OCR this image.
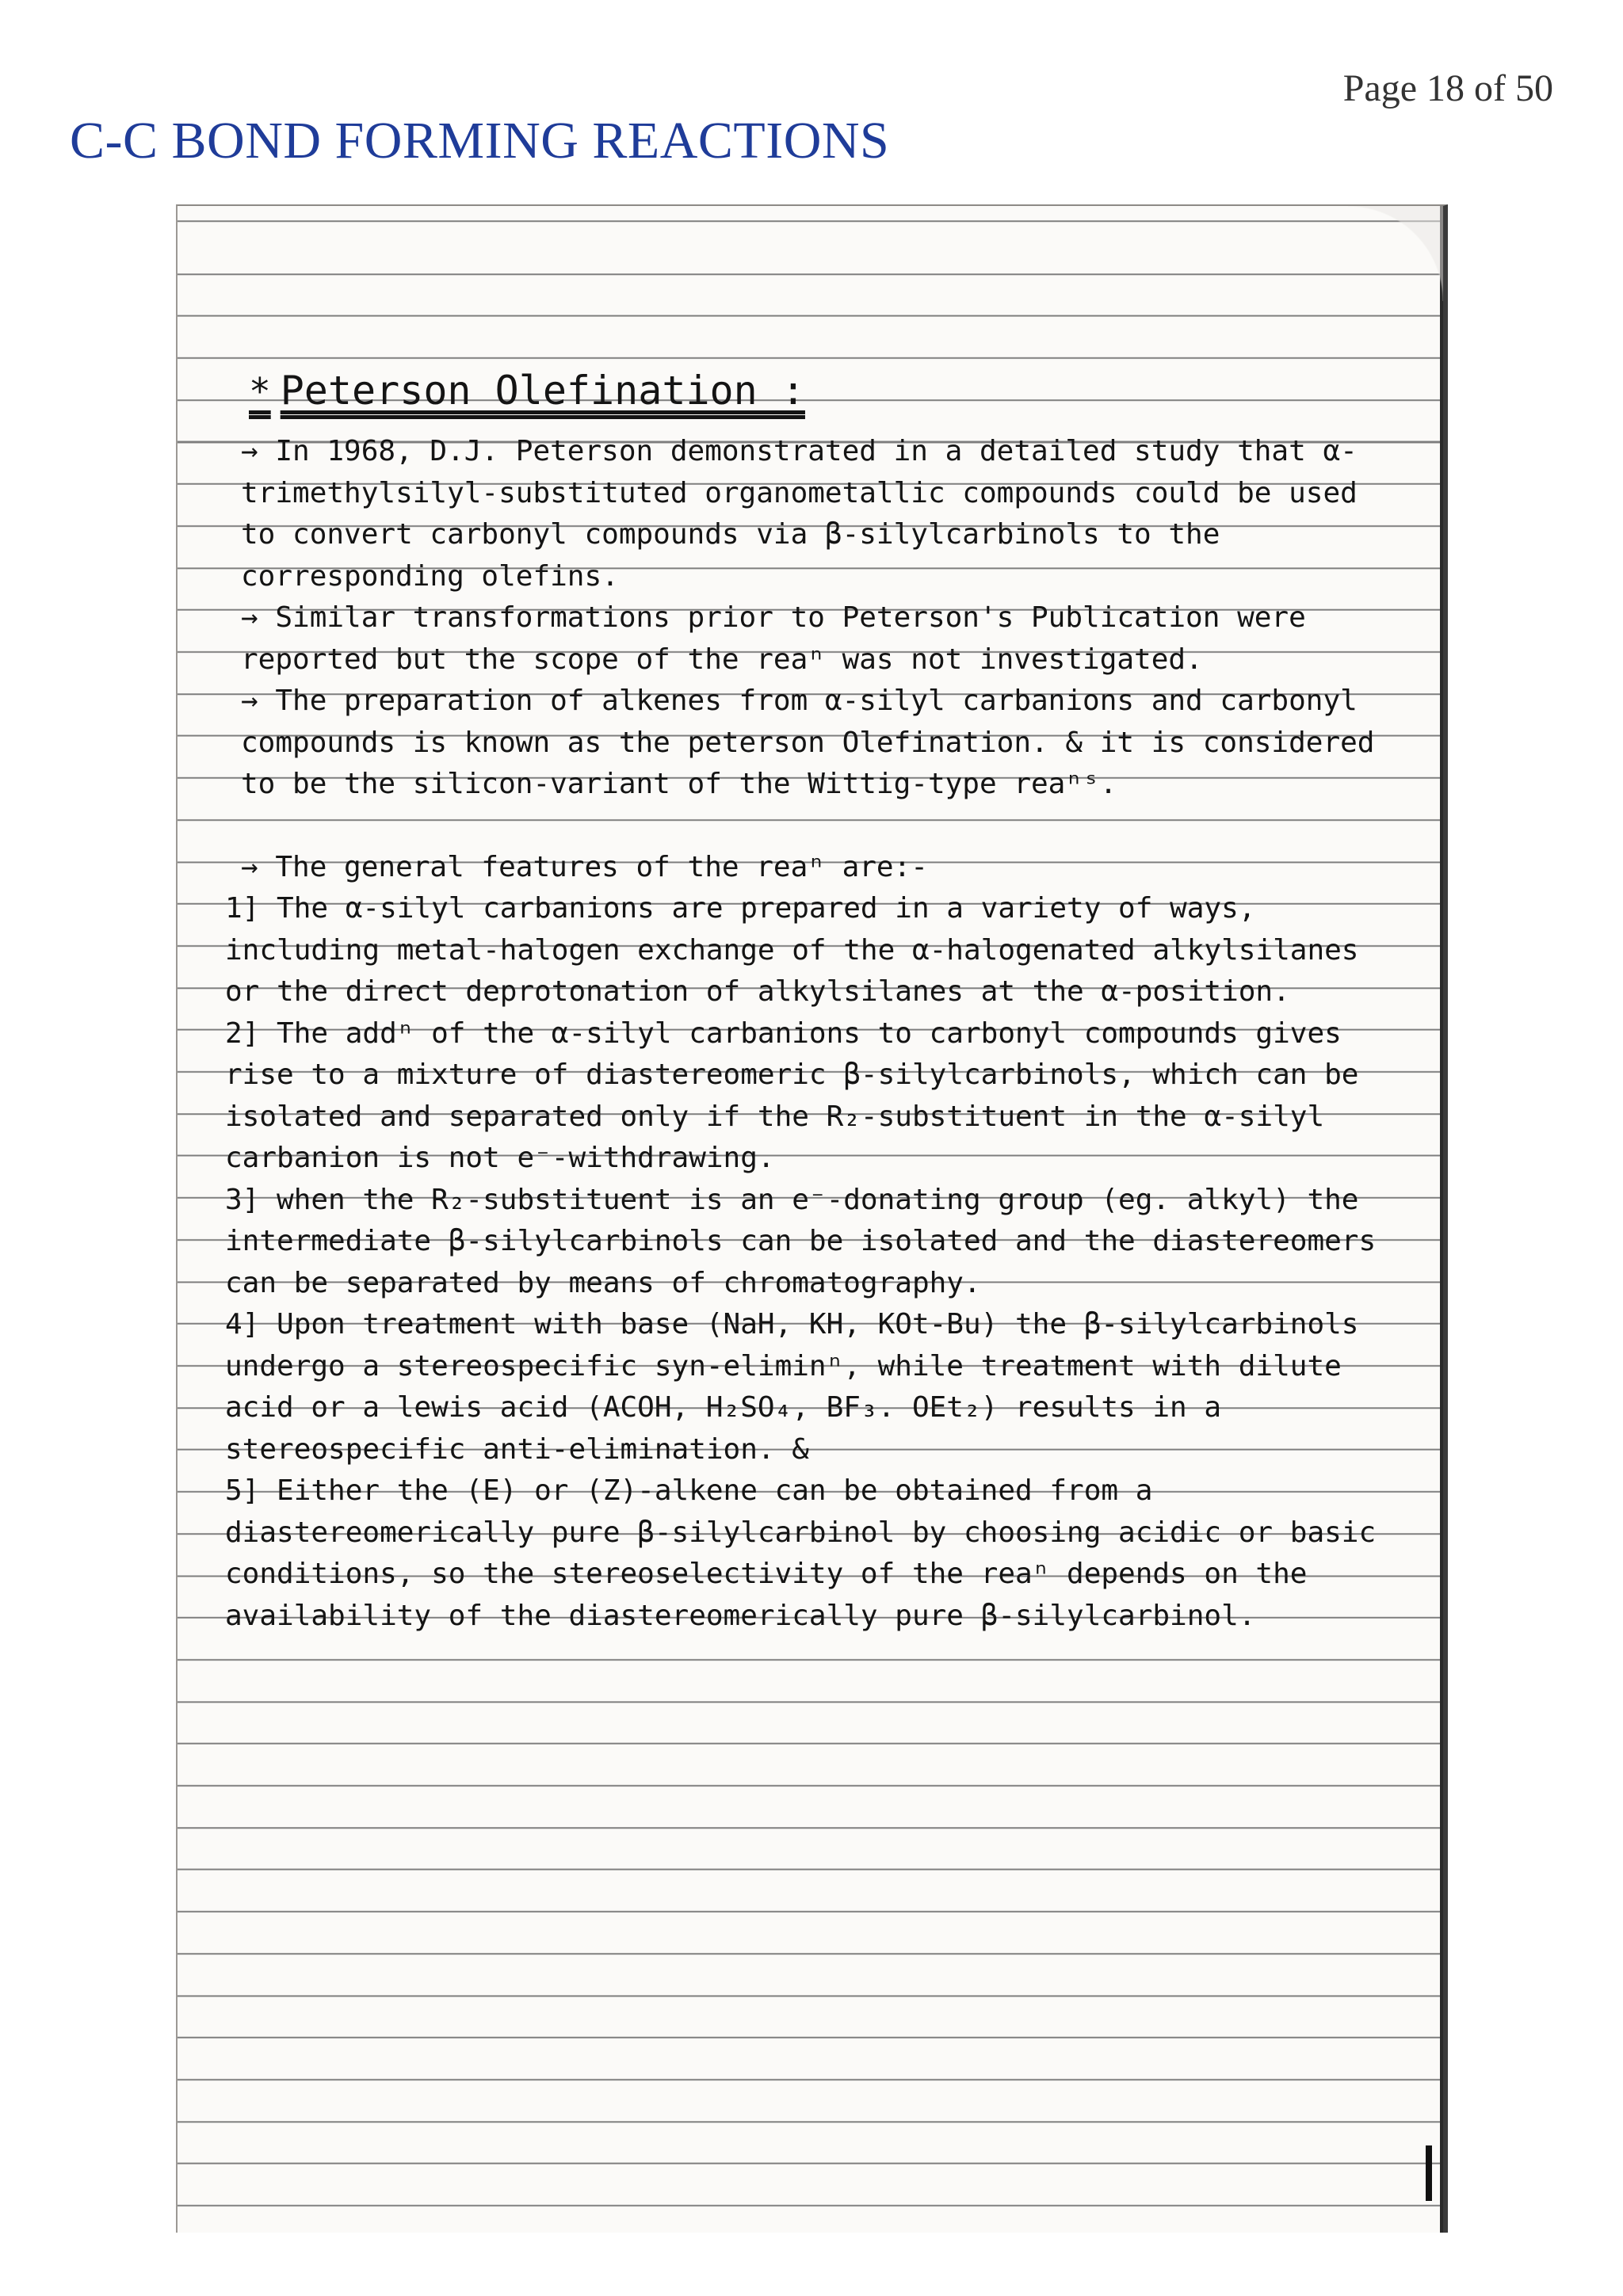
Page 18 of 50
C-C BOND FORMING REACTIONS
* Peterson Olefination :

→ In 1968, D.J. Peterson demonstrated in a detailed study that α-trimethylsilyl-substituted organometallic compounds could be used to convert carbonyl compounds via β-silylcarbinols to the corresponding olefins.

→ Similar transformations prior to Peterson's Publication were reported but the scope of the reaⁿ was not investigated.

→ The preparation of alkenes from α-silyl carbanions and carbonyl compounds is known as the peterson Olefination. & it is considered to be the silicon-variant of the Wittig-type reaⁿˢ.

→ The general features of the reaⁿ are:-

1] The α-silyl carbanions are prepared in a variety of ways, including metal-halogen exchange of the α-halogenated alkylsilanes or the direct deprotonation of alkylsilanes at the α-position.

2] The addⁿ of the α-silyl carbanions to carbonyl compounds gives rise to a mixture of diastereomeric β-silylcarbinols, which can be isolated and separated only if the R₂-substituent in the α-silyl carbanion is not e⁻-withdrawing.

3] when the R₂-substituent is an e⁻-donating group (eg. alkyl) the intermediate β-silylcarbinols can be isolated and the diastereomers can be separated by means of chromatography.

4] Upon treatment with base (NaH, KH, KOt-Bu) the β-silylcarbinols undergo a stereospecific syn-eliminⁿ, while treatment with dilute acid or a lewis acid (ACOH, H₂SO₄, BF₃. OEt₂) results in a stereospecific anti-elimination. &

5] Either the (E) or (Z)-alkene can be obtained from a diastereomerically pure β-silylcarbinol by choosing acidic or basic conditions, so the stereoselectivity of the reaⁿ depends on the availability of the diastereomerically pure β-silylcarbinol.
